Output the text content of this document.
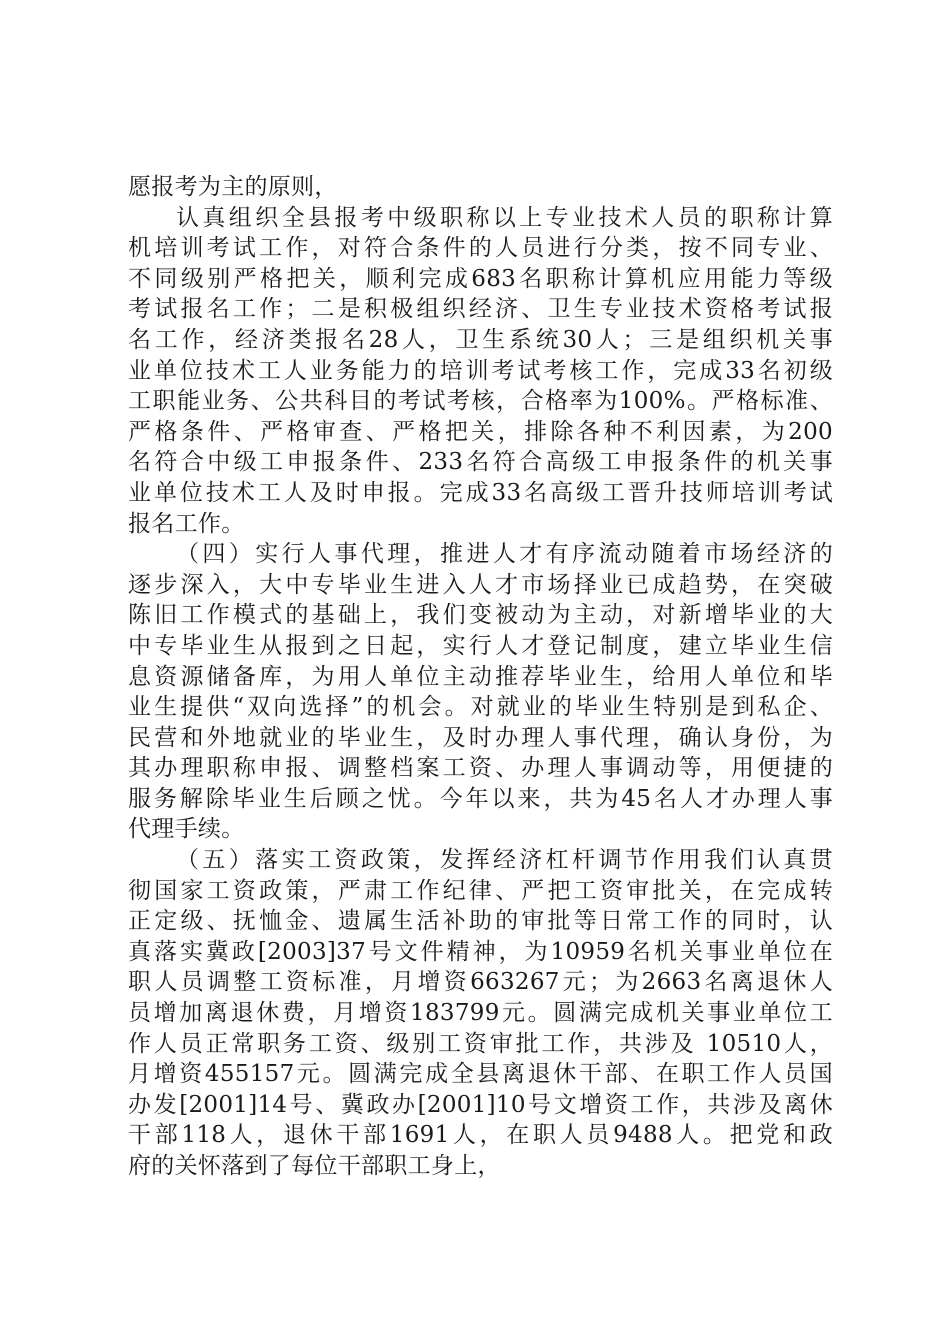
愿报考为主的原则，
认真组织全县报考中级职称以上专业技术人员的职称计算
机培训考试工作，对符合条件的人员进行分类，按不同专业、
不同级别严格把关，顺利完成683名职称计算机应用能力等级
考试报名工作；二是积极组织经济、卫生专业技术资格考试报
名工作，经济类报名28人，卫生系统30人；三是组织机关事
业单位技术工人业务能力的培训考试考核工作，完成33名初级
工职能业务、公共科目的考试考核，合格率为100%。严格标准、
严格条件、严格审查、严格把关，排除各种不利因素，为200
名符合中级工申报条件、233名符合高级工申报条件的机关事
业单位技术工人及时申报。完成33名高级工晋升技师培训考试
报名工作。
（四）实行人事代理，推进人才有序流动随着市场经济的
逐步深入，大中专毕业生进入人才市场择业已成趋势，在突破
陈旧工作模式的基础上，我们变被动为主动，对新增毕业的大
中专毕业生从报到之日起，实行人才登记制度，建立毕业生信
息资源储备库，为用人单位主动推荐毕业生，给用人单位和毕
业生提供“双向选择”的机会。对就业的毕业生特别是到私企、
民营和外地就业的毕业生，及时办理人事代理，确认身份，为
其办理职称申报、调整档案工资、办理人事调动等，用便捷的
服务解除毕业生后顾之忧。今年以来，共为45名人才办理人事
代理手续。
（五）落实工资政策，发挥经济杠杆调节作用我们认真贯
彻国家工资政策，严肃工作纪律、严把工资审批关，在完成转
正定级、抚恤金、遗属生活补助的审批等日常工作的同时，认
真落实冀政[2003]37号文件精神，为10959名机关事业单位在
职人员调整工资标准，月增资663267元；为2663名离退休人
员增加离退休费，月增资183799元。圆满完成机关事业单位工
作人员正常职务工资、级别工资审批工作，共涉及 10510人，
月增资455157元。圆满完成全县离退休干部、在职工作人员国
办发[2001]14号、冀政办[2001]10号文增资工作，共涉及离休
干部118人，退休干部1691人，在职人员9488人。把党和政
府的关怀落到了每位干部职工身上，
